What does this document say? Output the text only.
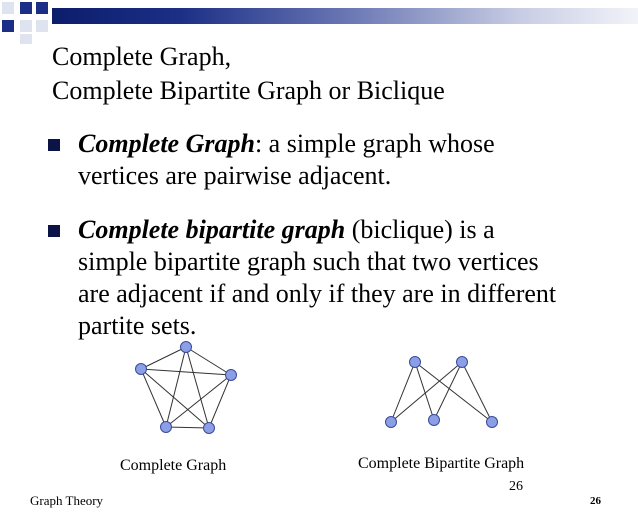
Complete Graph,
Complete Bipartite Graph or Biclique
Complete Graph: a simple graph whose vertices are pairwise adjacent.
Complete bipartite graph (biclique) is a simple bipartite graph such that two vertices are adjacent if and only if they are in different partite sets.
Complete Graph	Complete Bipartite Graph
26
Graph Theory	26
